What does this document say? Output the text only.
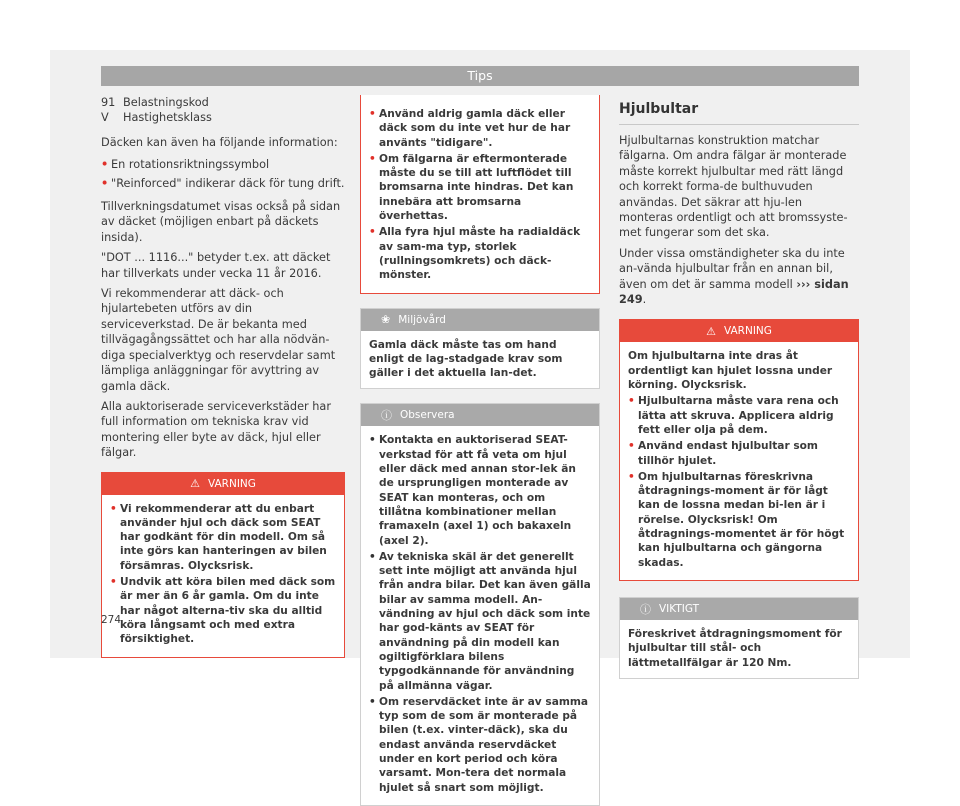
Tips
91 Belastningskod
V	Hastighetsklass

Däcken kan även ha följande information:

• En rotationsriktningssymbol
• "Reinforced" indikerar däck för tung drift.

Tillverkningsdatumet visas också på sidan av däcket (möjligen enbart på däckets insida).

"DOT ... 1116..." betyder t.ex. att däcket har tillverkats under vecka 11 år 2016.

Vi rekommenderar att däck- och hjulartebeten utförs av din serviceverkstad. De är bekanta med tillvägagångssättet och har alla nödvän-diga specialverktyg och reservdelar samt lämpliga anläggningar för avyttring av gamla däck.

Alla auktoriserade serviceverkstäder har full information om tekniska krav vid montering eller byte av däck, hjul eller fälgar.

⚠ VARNING
• Vi rekommenderar att du enbart använder hjul och däck som SEAT har godkänt för din modell. Om så inte görs kan hanteringen av bilen försämras. Olycksrisk.
• Undvik att köra bilen med däck som är mer än 6 år gamla. Om du inte har något alterna-tiv ska du alltid köra långsamt och med extra försiktighet.
• Använd aldrig gamla däck eller däck som du inte vet hur de har använts "tidigare".
• Om fälgarna är eftermonterade måste du se till att luftflödet till bromsarna inte hindras. Det kan innebära att bromsarna överhettas.
• Alla fyra hjul måste ha radialdäck av sam-ma typ, storlek (rullningsomkrets) och däck-mönster.
❀ Miljövård
Gamla däck måste tas om hand enligt de lag-stadgade krav som gäller i det aktuella lan-det.
ⓘ Observera
• Kontakta en auktoriserad SEAT-verkstad för att få veta om hjul eller däck med annan stor-lek än de ursprungligen monterade av SEAT kan monteras, och om tillåtna kombinationer mellan framaxeln (axel 1) och bakaxeln (axel 2).
• Av tekniska skäl är det generellt sett inte möjligt att använda hjul från andra bilar. Det kan även gälla bilar av samma modell. An-vändning av hjul och däck som inte har god-känts av SEAT för användning på din modell kan ogiltigförklara bilens typgodkännande för användning på allmänna vägar.
• Om reservdäcket inte är av samma typ som de som är monterade på bilen (t.ex. vinter-däck), ska du endast använda reservdäcket under en kort period och köra varsamt. Mon-tera det normala hjulet så snart som möjligt.
Hjulbultar

Hjulbultarnas konstruktion matchar fälgarna. Om andra fälgar är monterade måste korrekt hjulbultar med rätt längd och korrekt forma-de bulthuvuden användas. Det säkrar att hju-len monteras ordentligt och att bromssyste-met fungerar som det ska.

Under vissa omständigheter ska du inte an-vända hjulbultar från en annan bil, även om det är samma modell ››› sidan 249.

⚠ VARNING

Om hjulbultarna inte dras åt ordentligt kan hjulet lossna under körning. Olycksrisk.

• Hjulbultarna måste vara rena och lätta att skruva. Applicera aldrig fett eller olja på dem.
• Använd endast hjulbultar som tillhör hjulet.
• Om hjulbultarnas föreskrivna åtdragnings-moment är för lågt kan de lossna medan bi-len är i rörelse. Olycksrisk! Om åtdragnings-momentet är för högt kan hjulbultarna och gängorna skadas.
ⓘ VIKTIGT
Föreskrivet åtdragningsmoment för hjulbultar till stål- och lättmetallfälgar är 120 Nm.
274
